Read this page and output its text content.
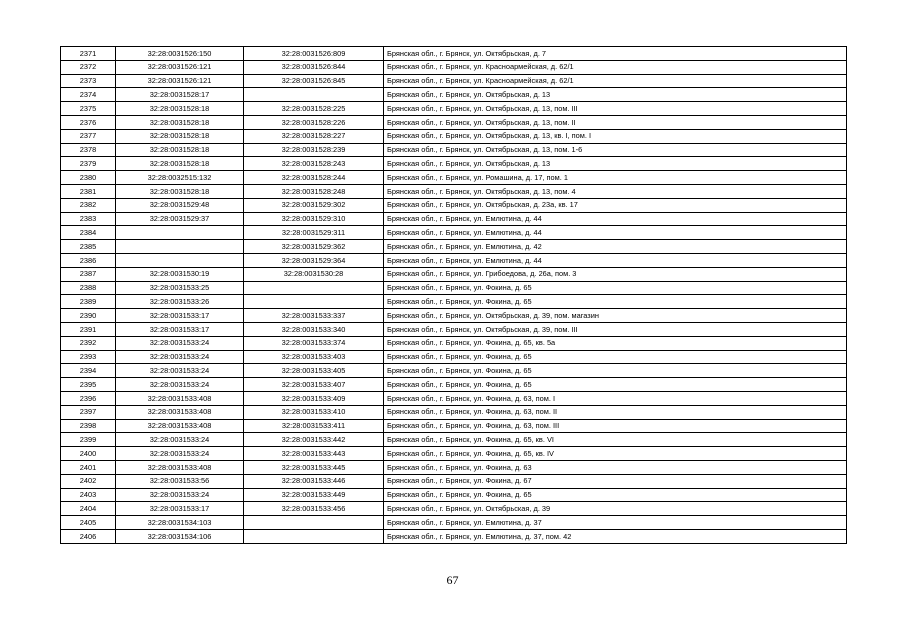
2371	32:28:0031526:150	32:28:0031526:809	Брянская обл., г. Брянск, ул. Октябрьская, д. 7
2372	32:28:0031526:121	32:28:0031526:844	Брянская обл., г. Брянск, ул. Красноармейская, д. 62/1
2373	32:28:0031526:121	32:28:0031526:845	Брянская обл., г. Брянск, ул. Красноармейская, д. 62/1
2374	32:28:0031528:17		Брянская обл., г. Брянск, ул. Октябрьская, д. 13
2375	32:28:0031528:18	32:28:0031528:225	Брянская обл., г. Брянск, ул. Октябрьская, д. 13, пом. III
2376	32:28:0031528:18	32:28:0031528:226	Брянская обл., г. Брянск, ул. Октябрьская, д. 13, пом. II
2377	32:28:0031528:18	32:28:0031528:227	Брянская обл., г. Брянск, ул. Октябрьская, д. 13, кв. I, пом. I
2378	32:28:0031528:18	32:28:0031528:239	Брянская обл., г. Брянск, ул. Октябрьская, д. 13, пом. 1-6
2379	32:28:0031528:18	32:28:0031528:243	Брянская обл., г. Брянск, ул. Октябрьская, д. 13
2380	32:28:0032515:132	32:28:0031528:244	Брянская обл., г. Брянск, ул. Ромашина, д. 17, пом. 1
2381	32:28:0031528:18	32:28:0031528:248	Брянская обл., г. Брянск, ул. Октябрьская, д. 13, пом. 4
2382	32:28:0031529:48	32:28:0031529:302	Брянская обл., г. Брянск, ул. Октябрьская, д. 23а, кв. 17
2383	32:28:0031529:37	32:28:0031529:310	Брянская обл., г. Брянск, ул. Емлютина, д. 44
2384		32:28:0031529:311	Брянская обл., г. Брянск, ул. Емлютина, д. 44
2385		32:28:0031529:362	Брянская обл., г. Брянск, ул. Емлютина, д. 42
2386		32:28:0031529:364	Брянская обл., г. Брянск, ул. Емлютина, д. 44
2387	32:28:0031530:19	32:28:0031530:28	Брянская обл., г. Брянск, ул. Грибоедова, д. 26а, пом. 3
2388	32:28:0031533:25		Брянская обл., г. Брянск, ул. Фокина, д. 65
2389	32:28:0031533:26		Брянская обл., г. Брянск, ул. Фокина, д. 65
2390	32:28:0031533:17	32:28:0031533:337	Брянская обл., г. Брянск, ул. Октябрьская, д. 39, пом. магазин
2391	32:28:0031533:17	32:28:0031533:340	Брянская обл., г. Брянск, ул. Октябрьская, д. 39, пом. III
2392	32:28:0031533:24	32:28:0031533:374	Брянская обл., г. Брянск, ул. Фокина, д. 65, кв. 5а
2393	32:28:0031533:24	32:28:0031533:403	Брянская обл., г. Брянск, ул. Фокина, д. 65
2394	32:28:0031533:24	32:28:0031533:405	Брянская обл., г. Брянск, ул. Фокина, д. 65
2395	32:28:0031533:24	32:28:0031533:407	Брянская обл., г. Брянск, ул. Фокина, д. 65
2396	32:28:0031533:408	32:28:0031533:409	Брянская обл., г. Брянск, ул. Фокина, д. 63, пом. I
2397	32:28:0031533:408	32:28:0031533:410	Брянская обл., г. Брянск, ул. Фокина, д. 63, пом. II
2398	32:28:0031533:408	32:28:0031533:411	Брянская обл., г. Брянск, ул. Фокина, д. 63, пом. III
2399	32:28:0031533:24	32:28:0031533:442	Брянская обл., г. Брянск, ул. Фокина, д. 65, кв. VI
2400	32:28:0031533:24	32:28:0031533:443	Брянская обл., г. Брянск, ул. Фокина, д. 65, кв. IV
2401	32:28:0031533:408	32:28:0031533:445	Брянская обл., г. Брянск, ул. Фокина, д. 63
2402	32:28:0031533:56	32:28:0031533:446	Брянская обл., г. Брянск, ул. Фокина, д. 67
2403	32:28:0031533:24	32:28:0031533:449	Брянская обл., г. Брянск, ул. Фокина, д. 65
2404	32:28:0031533:17	32:28:0031533:456	Брянская обл., г. Брянск, ул. Октябрьская, д. 39
2405	32:28:0031534:103		Брянская обл., г. Брянск, ул. Емлютина, д. 37
2406	32:28:0031534:106		Брянская обл., г. Брянск, ул. Емлютина, д. 37, пом. 42
67
